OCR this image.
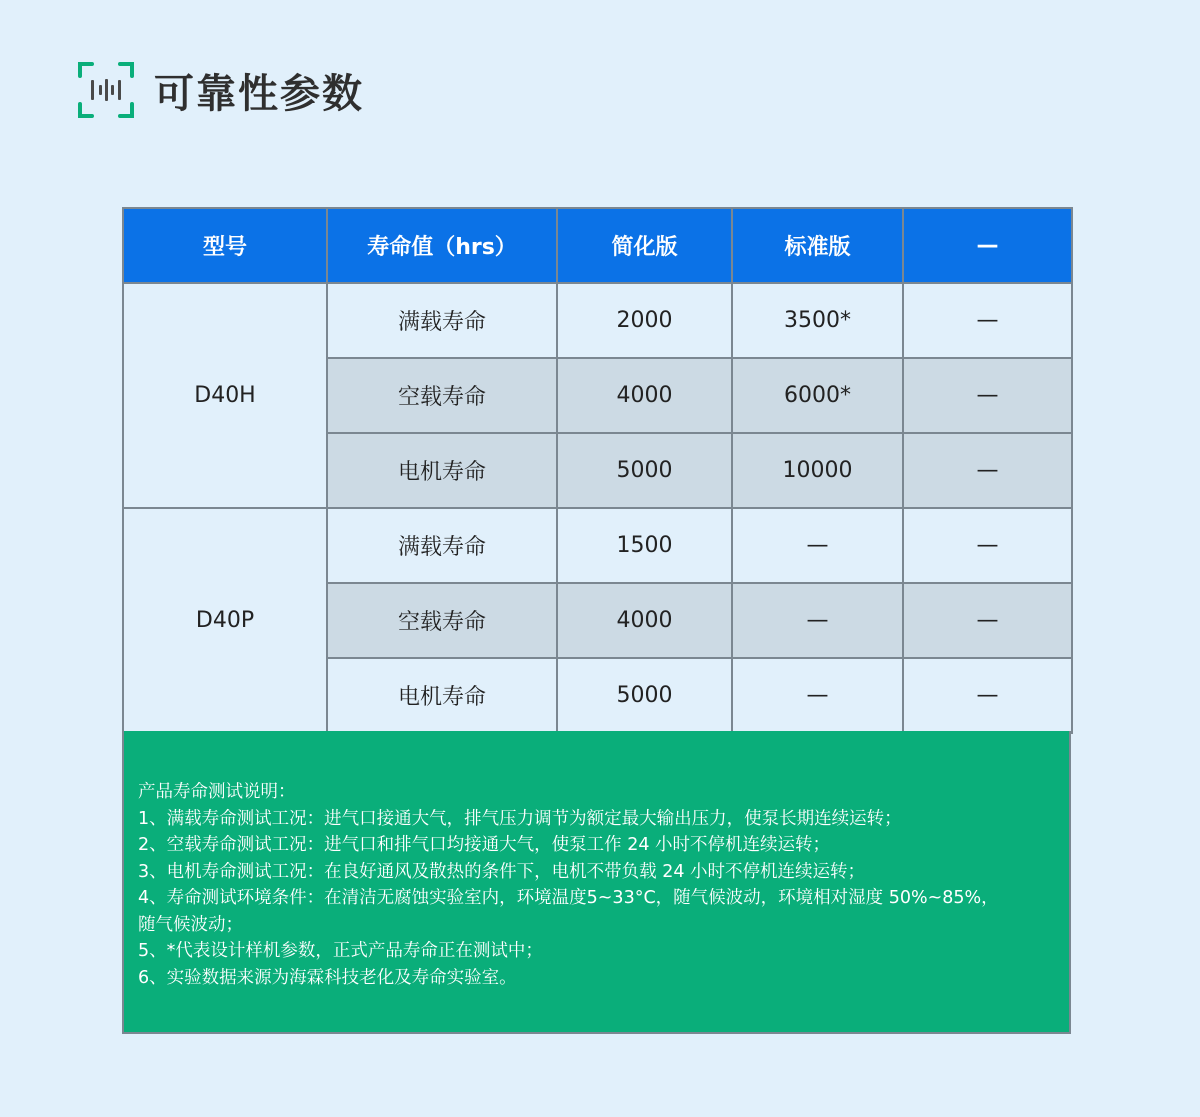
可靠性参数
型号	寿命值（hrs）	简化版	标准版	—
D40H	满载寿命	2000	3500*	—
	空载寿命	4000	6000*	—
	电机寿命	5000	10000	—
D40P	满载寿命	1500	—	—
	空载寿命	4000	—	—
	电机寿命	5000	—	—
产品寿命测试说明：
1、满载寿命测试工况：进气口接通大气，排气压力调节为额定最大输出压力，使泵长期连续运转；
2、空载寿命测试工况：进气口和排气口均接通大气，使泵工作 24 小时不停机连续运转；
3、电机寿命测试工况：在良好通风及散热的条件下，电机不带负载 24 小时不停机连续运转；
4、寿命测试环境条件：在清洁无腐蚀实验室内，环境温度5~33°C，随气候波动，环境相对湿度 50%~85%，
随气候波动；
5、*代表设计样机参数，正式产品寿命正在测试中；
6、实验数据来源为海霖科技老化及寿命实验室。
